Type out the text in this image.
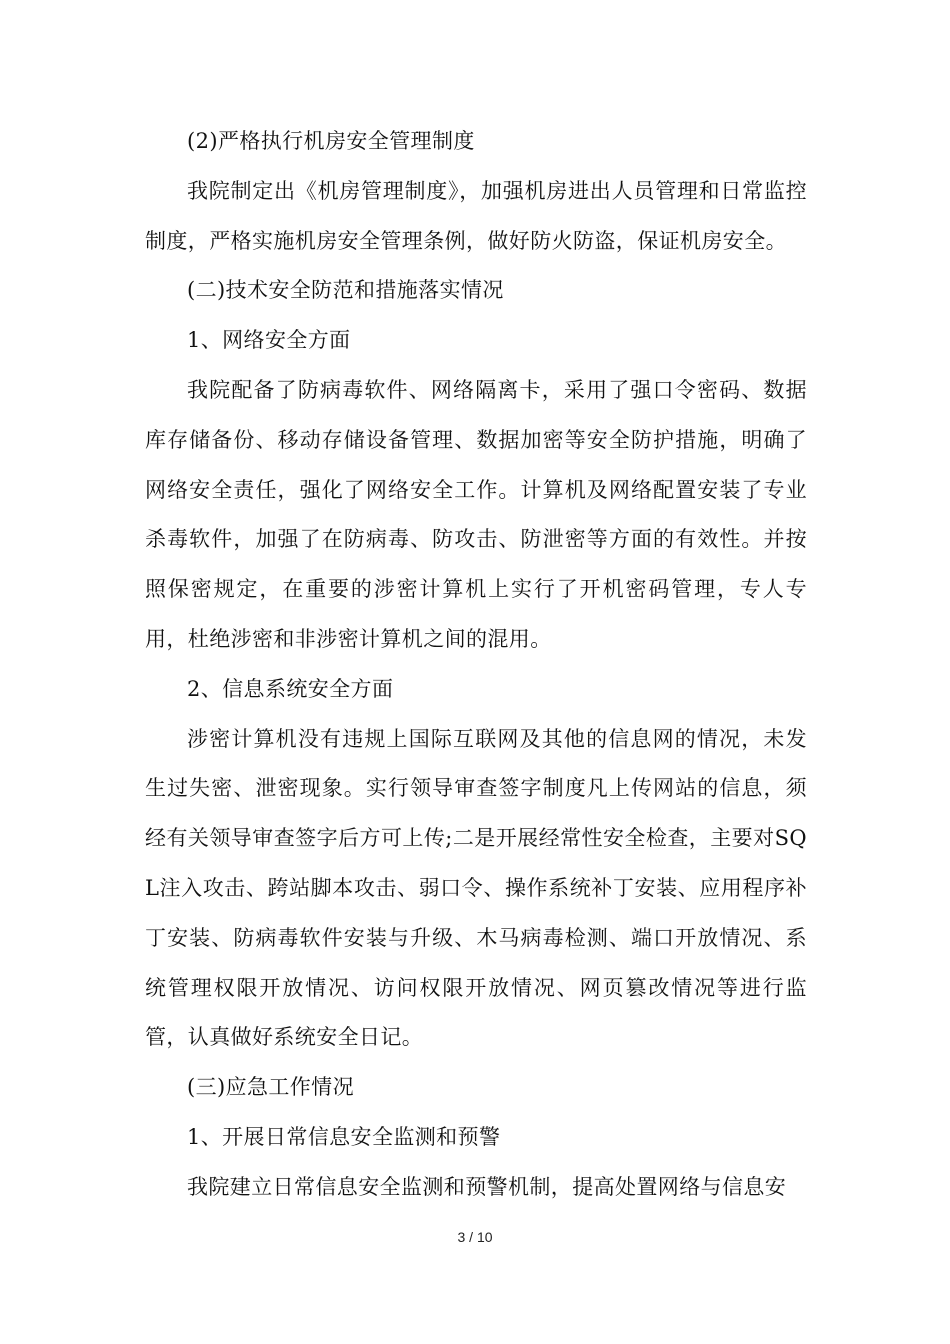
(2)严格执行机房安全管理制度

我院制定出《机房管理制度》，加强机房进出人员管理和日常监控制度，严格实施机房安全管理条例，做好防火防盗，保证机房安全。

(二)技术安全防范和措施落实情况

1、网络安全方面

我院配备了防病毒软件、网络隔离卡，采用了强口令密码、数据库存储备份、移动存储设备管理、数据加密等安全防护措施，明确了网络安全责任，强化了网络安全工作。计算机及网络配置安装了专业杀毒软件，加强了在防病毒、防攻击、防泄密等方面的有效性。并按照保密规定，在重要的涉密计算机上实行了开机密码管理，专人专用，杜绝涉密和非涉密计算机之间的混用。

2、信息系统安全方面

涉密计算机没有违规上国际互联网及其他的信息网的情况，未发生过失密、泄密现象。实行领导审查签字制度凡上传网站的信息，须经有关领导审查签字后方可上传;二是开展经常性安全检查，主要对SQL注入攻击、跨站脚本攻击、弱口令、操作系统补丁安装、应用程序补丁安装、防病毒软件安装与升级、木马病毒检测、端口开放情况、系统管理权限开放情况、访问权限开放情况、网页篡改情况等进行监管，认真做好系统安全日记。

(三)应急工作情况

1、开展日常信息安全监测和预警

我院建立日常信息安全监测和预警机制，提高处置网络与信息安

3 / 10
